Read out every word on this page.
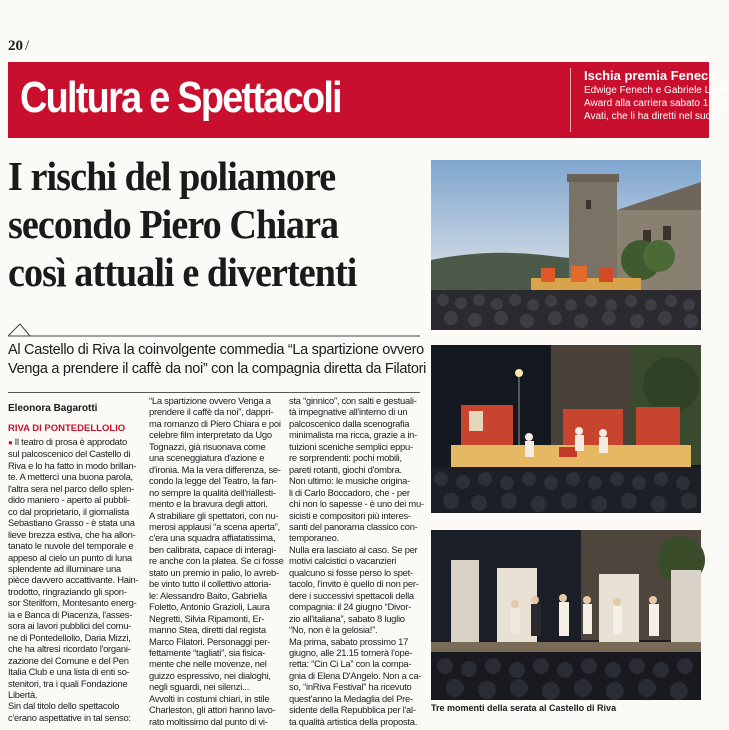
20 /
Cultura e Spettacoli	Ischia premia Fenech
Edwige Fenech e Gabriele Lavia
Award alla carriera sabato 15 lu
Avati, che li ha diretti nel suo u
I rischi del poliamore
secondo Piero Chiara
così attuali e divertenti
Al Castello di Riva la coinvolgente commedia “La spartizione ovvero
Venga a prendere il caffè da noi” con la compagnia diretta da Filatori
Eleonora Bagarotti
RIVA DI PONTEDELLOLIO
● Il teatro di prosa è approdato
sul palcoscenico del Castello di
Riva e lo ha fatto in modo brillan-
te. A mettercì una buona parola,
l'altra sera nel parco dello splen-
dido maniero - aperto al pubbli-
co dal proprietario, il giornalista
Sebastiano Grasso - è stata una
lieve brezza estiva, che ha allon-
tanato le nuvole del temporale e
appeso al cielo un punto di luna
splendente ad illuminare una
pièce davvero accattivante. Hain-
trodotto, ringraziando gli spon-
sor Sterilfom, Montesanto energ-
ia e Banca di Piacenza, l'asses-
sora ai lavori pubblici del comu-
ne di Pontedellolio, Daria Mizzi,
che ha altresì ricordato l'organi-
zazione del Comune e del Pen
Italia Club e una lista di enti so-
stenitori, tra i quali Fondazione
Libertà.
Sin dal titolo dello spettacolo
c'erano aspettative in tal senso:
“La spartizione ovvero Venga a
prendere il caffè da noi”, dappri-
ma romanzo di Piero Chiara e poi
celebre film interpretato da Ugo
Tognazzi, già risuonava come
una sceneggiatura d'azione e
d'ironia. Ma la vera differenza, se-
condo la legge del Teatro, la fan-
no sempre la qualità dell'riallesti-
mento e la bravura degli attori.
A strabiliare gli spettatori, con nu-
merosi applausi “a scena aperta”,
c'era una squadra affiatatissima,
ben calibrata, capace di interagi-
re anche con la platea. Se ci fosse
stato un premio in palio, lo avreb-
be vinto tutto il collettivo attoria-
le: Alessandro Baito, Gabriella
Foletto, Antonio Grazioli, Laura
Negretti, Silvia Ripamonti, Er-
manno Stea, diretti dal regista
Marco Filatori. Personaggi per-
fettamente “tagliati”, sia fisica-
mente che nelle movenze, nel
guizzo espressivo, nei dialoghi,
negli sguardi, nei silenzi...
Avvolti in costumi chiari, in stile
Charleston, gli attori hanno lavo-
rato moltissimo dal punto di vi-
sta “ginnico”, con salti e gestuali-
tà impegnative all'interno di un
palcoscenico dalla scenografia
minimalista ma ricca, grazie a in-
tuizioni sceniche semplici eppu-
re sorprendenti: pochi mobili,
pareti rotanti, giochi d'ombra.
Non ultimo: le musiche origina-
li di Carlo Boccadoro, che - per
chi non lo sapesse - è uno dei mu-
sicisti e compositori più interes-
santi del panorama classico con-
temporaneo.
Nulla era lasciato al caso. Se per
motivi calcistici o vacanzieri
qualcuno si fosse perso lo spet-
tacolo, l'invito è quello di non per-
dere i successivi spettacoli della
compagnia: il 24 giugno “Divor-
zio all'italiana”, sabato 8 luglio
“No, non è la gelosia!”.
Ma prima, sabato prossimo 17
giugno, alle 21.15 tornerà l'ope-
retta: “Cin Ci La” con la compa-
gnia di Elena D'Angelo. Non a ca-
so, “inRiva Festival” ha ricevuto
quest'anno la Medaglia del Pre-
sidente della Repubblica per l'al-
ta qualità artistica della proposta.
Tre momenti della serata al Castello di Riva
